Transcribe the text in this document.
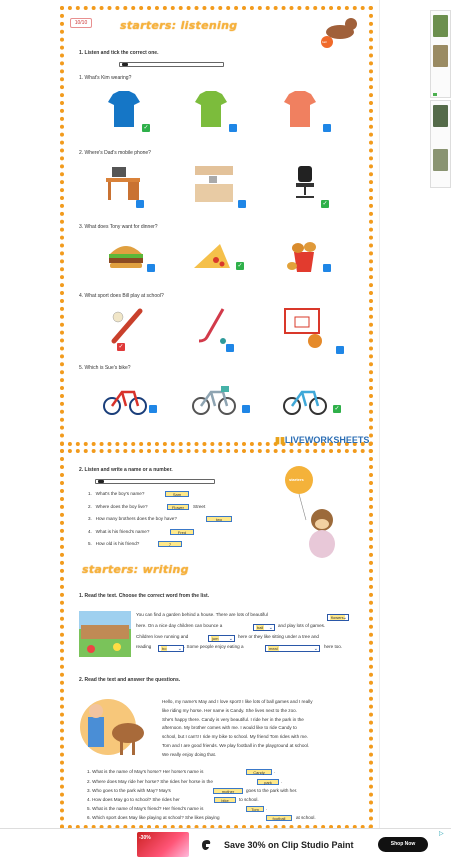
10/10	starters: listening
ball
1. Listen and tick the correct one.
1. What's Kim wearing?
✓
2. Where's Dad's mobile phone?
✓
3. What does Tony want for dinner?
✓
4. What sport does Bill play at school?
✓
5. Which is Sue's bike?
✓
▮▮LIVEWORKSHEETS
2. Listen and write a name or a number.
1.   What's the boy's name?	Sam
2.   Where does the boy live?	Flower	Street
3.   How many brothers does the boy have?	two
4.   What is his friend's name?	Fred
5.   How old is his friend?	7
starters
starters: writing
1. Read the text. Choose the correct word from the list.
You can find a garden behind a house. There are lots of beautiful
flowers ⌄
here. On a nice day children can bounce a	ball ⌄ and play lots of games.
Children love running and	jum ⌄ here or they like sitting under a tree and
reading	bo ⌄ . Some people enjoy eating a	meal	⌄ here too.
2. Read the text and answer the questions.
Hello, my name's May and I love sport! I like lots of ball games and I really
like riding my horse. Her name is Candy. She lives next to the zoo.
She's happy there. Candy is very beautiful. I ride her in the park in the
afternoon. My brother comes with me. I would like to ride Candy to
school, but I can't! I ride my bike to school. My friend Tom rides with me.
Tom and I are good friends. We play football in the playground at school.
We really enjoy doing that.
1. What is the name of May's horse? Her horse's name is	Candy	.
2. Where does May ride her horse? She rides her horse in the	park	.
3. Who goes to the park with May? May's	mother	goes to the park with her.
4. How does May go to school? She rides her	bike	to school.
5. What is the name of May's friend? Her friend's name is	Tom	.
6. Which sport does May like playing at school? She likes playing	football	at school.
-30%
Save 30% on Clip Studio Paint	Shop Now
▷
